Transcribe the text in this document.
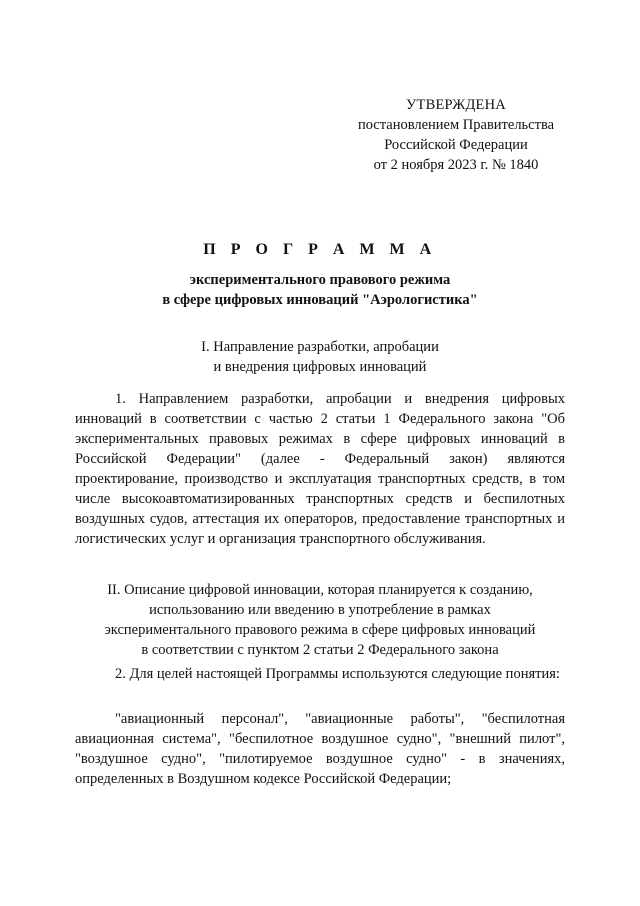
УТВЕРЖДЕНА
постановлением Правительства
Российской Федерации
от 2 ноября 2023 г. № 1840
П Р О Г Р А М М А
экспериментального правового режима
в сфере цифровых инноваций "Аэрологистика"
I. Направление разработки, апробации
и внедрения цифровых инноваций
1. Направлением разработки, апробации и внедрения цифровых инноваций в соответствии с частью 2 статьи 1 Федерального закона "Об экспериментальных правовых режимах в сфере цифровых инноваций в Российской Федерации" (далее - Федеральный закон) являются проектирование, производство и эксплуатация транспортных средств, в том числе высокоавтоматизированных транспортных средств и беспилотных воздушных судов, аттестация их операторов, предоставление транспортных и логистических услуг и организация транспортного обслуживания.
II. Описание цифровой инновации, которая планируется к созданию,
использованию или введению в употребление в рамках
экспериментального правового режима в сфере цифровых инноваций
в соответствии с пунктом 2 статьи 2 Федерального закона
2. Для целей настоящей Программы используются следующие понятия:
"авиационный персонал", "авиационные работы", "беспилотная авиационная система", "беспилотное воздушное судно", "внешний пилот", "воздушное судно", "пилотируемое воздушное судно" - в значениях, определенных в Воздушном кодексе Российской Федерации;
